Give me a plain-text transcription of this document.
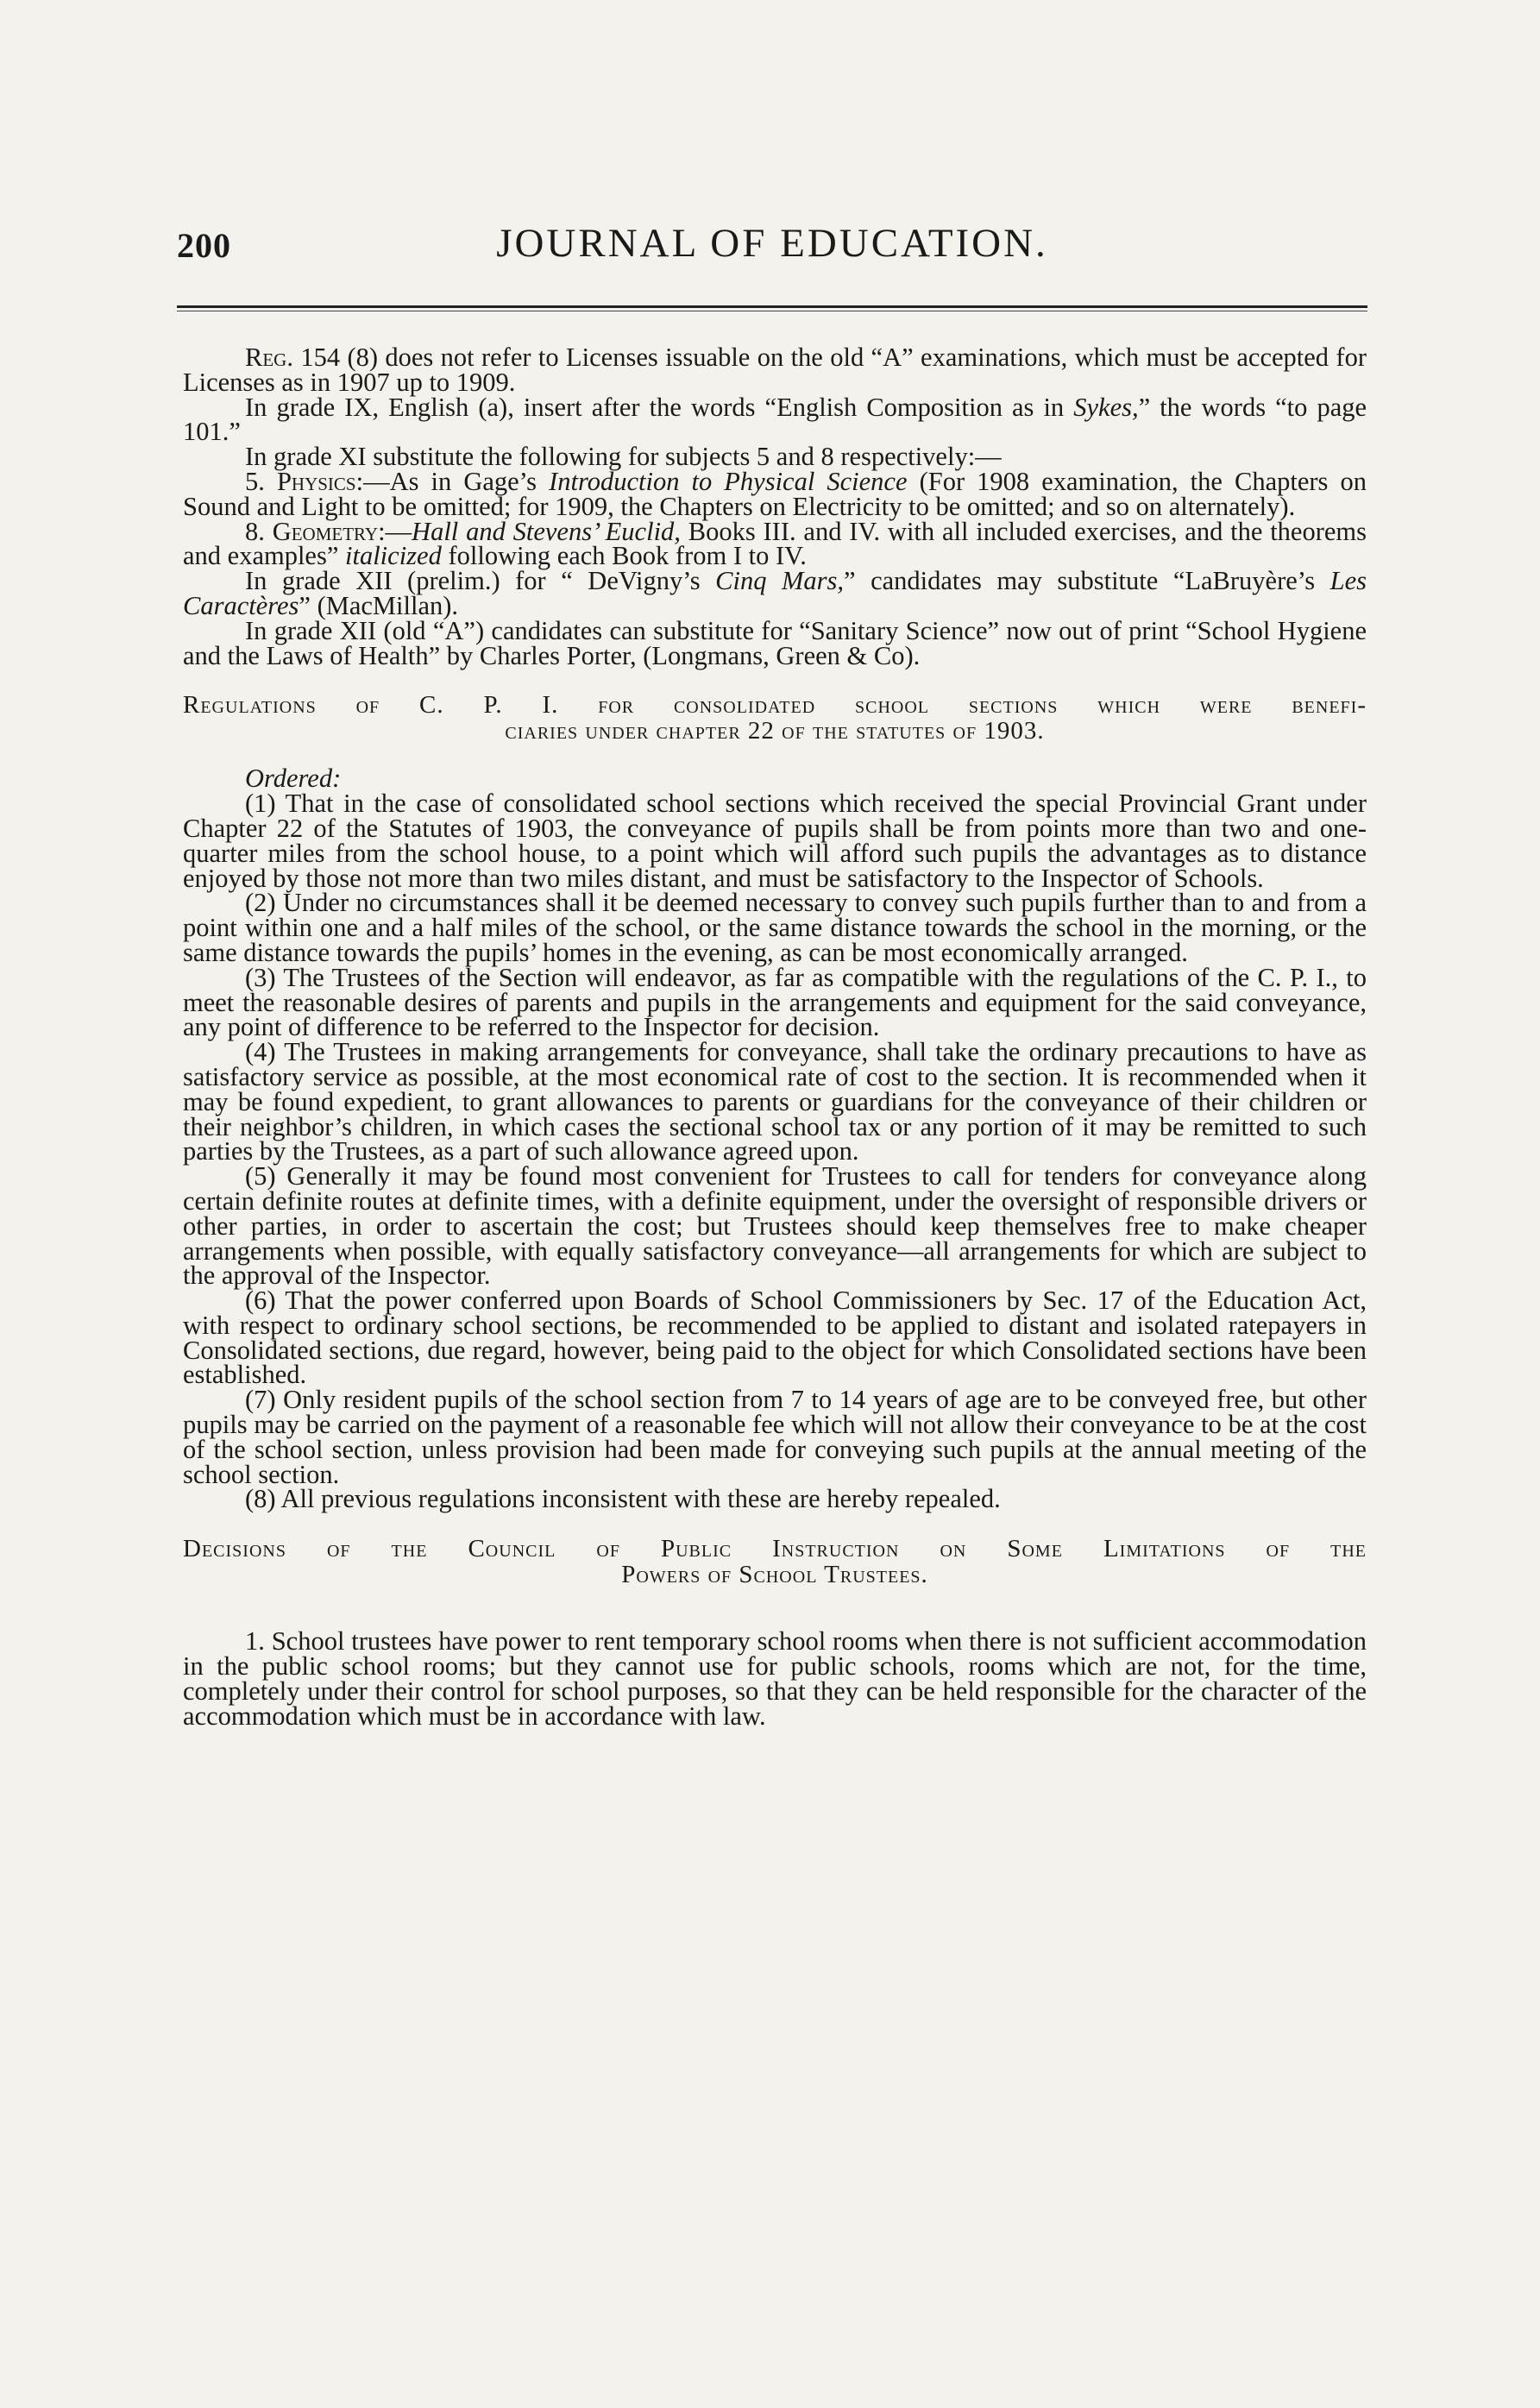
200	JOURNAL OF EDUCATION.

Reg. 154 (8) does not refer to Licenses issuable on the old “A” examinations, which must be accepted for Licenses as in 1907 up to 1909.

In grade IX, English (a), insert after the words “English Composition as in Sykes,” the words “to page 101.”

In grade XI substitute the following for subjects 5 and 8 respectively:—

5. Physics:—As in Gage’s Introduction to Physical Science (For 1908 examination, the Chapters on Sound and Light to be omitted; for 1909, the Chapters on Electricity to be omitted; and so on alternately).

8. Geometry:—Hall and Stevens’ Euclid, Books III. and IV. with all included exercises, and the theorems and examples” italicized following each Book from I to IV.

In grade XII (prelim.) for “ DeVigny’s Cinq Mars,” candidates may substitute “LaBruyère’s Les Caractères” (MacMillan).

In grade XII (old “A”) candidates can substitute for “Sanitary Science” now out of print “School Hygiene and the Laws of Health” by Charles Porter, (Longmans, Green & Co).

Regulations of C. P. I. for consolidated school sections which were benefi-
ciaries under chapter 22 of the statutes of 1903.

Ordered:

(1) That in the case of consolidated school sections which received the special Provincial Grant under Chapter 22 of the Statutes of 1903, the conveyance of pupils shall be from points more than two and one-quarter miles from the school house, to a point which will afford such pupils the advantages as to distance enjoyed by those not more than two miles distant, and must be satisfactory to the Inspector of Schools.

(2) Under no circumstances shall it be deemed necessary to convey such pupils further than to and from a point within one and a half miles of the school, or the same distance towards the school in the morning, or the same distance towards the pupils’ homes in the evening, as can be most economically arranged.

(3) The Trustees of the Section will endeavor, as far as compatible with the regulations of the C. P. I., to meet the reasonable desires of parents and pupils in the arrangements and equipment for the said conveyance, any point of difference to be referred to the Inspector for decision.

(4) The Trustees in making arrangements for conveyance, shall take the ordinary precautions to have as satisfactory service as possible, at the most economical rate of cost to the section. It is recommended when it may be found expedient, to grant allowances to parents or guardians for the conveyance of their children or their neighbor’s children, in which cases the sectional school tax or any portion of it may be remitted to such parties by the Trustees, as a part of such allowance agreed upon.

(5) Generally it may be found most convenient for Trustees to call for tenders for conveyance along certain definite routes at definite times, with a definite equipment, under the oversight of responsible drivers or other parties, in order to ascertain the cost; but Trustees should keep themselves free to make cheaper arrangements when possible, with equally satisfactory conveyance—all arrangements for which are subject to the approval of the Inspector.

(6) That the power conferred upon Boards of School Commissioners by Sec. 17 of the Education Act, with respect to ordinary school sections, be recommended to be applied to distant and isolated ratepayers in Consolidated sections, due regard, however, being paid to the object for which Consolidated sections have been established.

(7) Only resident pupils of the school section from 7 to 14 years of age are to be conveyed free, but other pupils may be carried on the payment of a reasonable fee which will not allow their conveyance to be at the cost of the school section, unless provision had been made for conveying such pupils at the annual meeting of the school section.

(8) All previous regulations inconsistent with these are hereby repealed.

Decisions of the Council of Public Instruction on Some Limitations of the
Powers of School Trustees.

1. School trustees have power to rent temporary school rooms when there is not sufficient accommodation in the public school rooms; but they cannot use for public schools, rooms which are not, for the time, completely under their control for school purposes, so that they can be held responsible for the character of the accommodation which must be in accordance with law.
